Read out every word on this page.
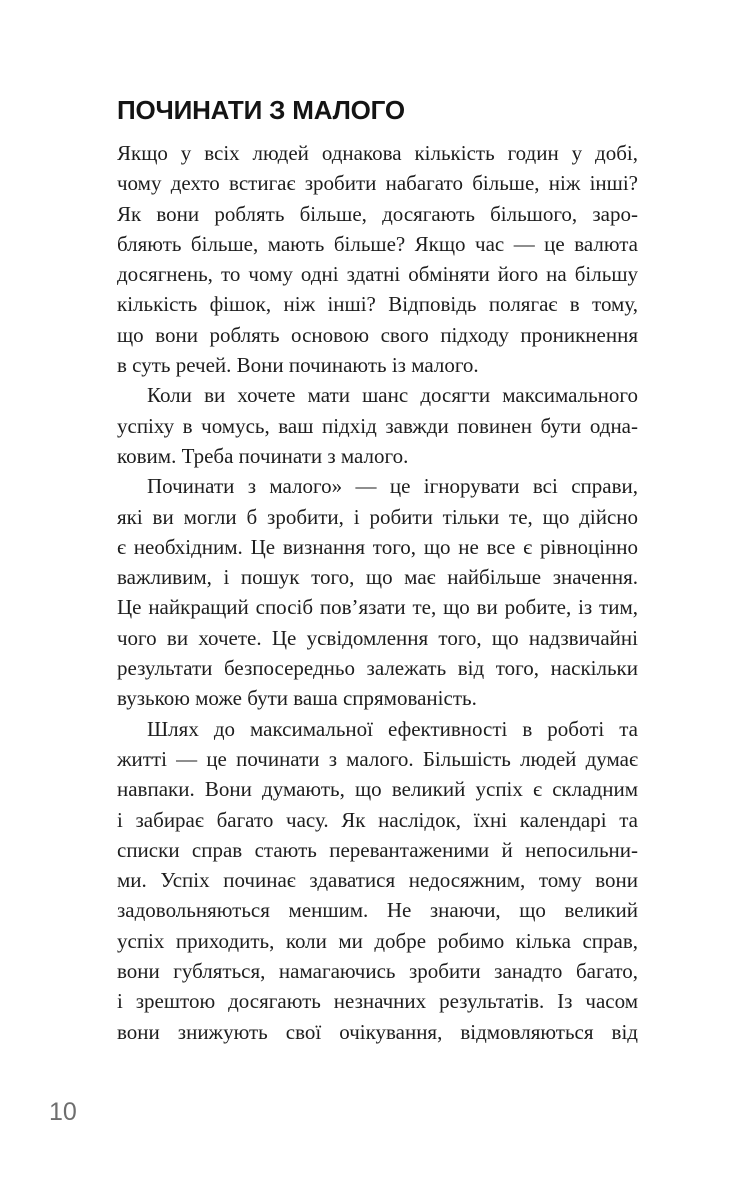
ПОЧИНАТИ З МАЛОГО
Якщо у всіх людей однакова кількість годин у добі,
чому дехто встигає зробити набагато більше, ніж інші?
Як вони роблять більше, досягають більшого, заро-
бляють більше, мають більше? Якщо час — це валюта
досягнень, то чому одні здатні обміняти його на більшу
кількість фішок, ніж інші? Відповідь полягає в тому,
що вони роблять основою свого підходу проникнення
в суть речей. Вони починають із малого.
Коли ви хочете мати шанс досягти максимального
успіху в чомусь, ваш підхід завжди повинен бути одна-
ковим. Треба починати з малого.
Починати з малого» — це ігнорувати всі справи,
які ви могли б зробити, і робити тільки те, що дійсно
є необхідним. Це визнання того, що не все є рівноцінно
важливим, і пошук того, що має найбільше значення.
Це найкращий спосіб пов’язати те, що ви робите, із тим,
чого ви хочете. Це усвідомлення того, що надзвичайні
результати безпосередньо залежать від того, наскільки
вузькою може бути ваша спрямованість.
Шлях до максимальної ефективності в роботі та
житті — це починати з малого. Більшість людей думає
навпаки. Вони думають, що великий успіх є складним
і забирає багато часу. Як наслідок, їхні календарі та
списки справ стають перевантаженими й непосильни-
ми. Успіх починає здаватися недосяжним, тому вони
задовольняються меншим. Не знаючи, що великий
успіх приходить, коли ми добре робимо кілька справ,
вони губляться, намагаючись зробити занадто багато,
і зрештою досягають незначних результатів. Із часом
вони знижують свої очікування, відмовляються від
10
